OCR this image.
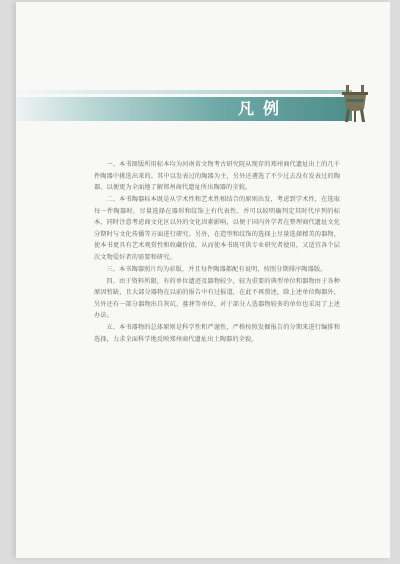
凡例

一、本书图版所用标本均为河南省文物考古研究院从现存的郑州商代遗址出土的几千件陶器中挑选出来的。其中以发表过的陶器为主，另外还遴选了不少过去没有发表过的陶器，以便更为全面地了解郑州商代遗址所出陶器的全貌。

二、本书陶器标本既是从学术性和艺术性相结合的原则出发，考虑到学术性，在选取每一件陶器时，尽量选择在器形和纹饰上有代表性、并可以较明确判定其时代序列的标本，同时注意考虑商文化区以外的文化因素影响，以便于国内外学者在整理商代遗址文化分期时与文化传播等方面进行研究。另外，在造型和纹饰的选择上尽量选择精美的器物，使本书更具有艺术观赏性和收藏价值，从而使本书既可供专业研究者使用，又适宜各个层次文物爱好者的需要和研究。

三、本书陶器照片均为彩版，并且每件陶器都配有说明，按照分期排序陶器版。

四、由于资料所限，有的单位遗迹及器物较少，较为重要的典型单位和器物由于各种原因暂缺，且大部分器物在以前的报告中有过报道，在此不再赘述，除上述单位陶器外，另外还有一部分器物出自灰坑、墓葬等单位，对于部分人选器物较多的单位也采用了上述办法。

五、本书器物的总体原则是科学性和严谨性，严格按照发掘报告的分期来进行编排和选择，力求全面科学地反映郑州商代遗址出土陶器的全貌。
